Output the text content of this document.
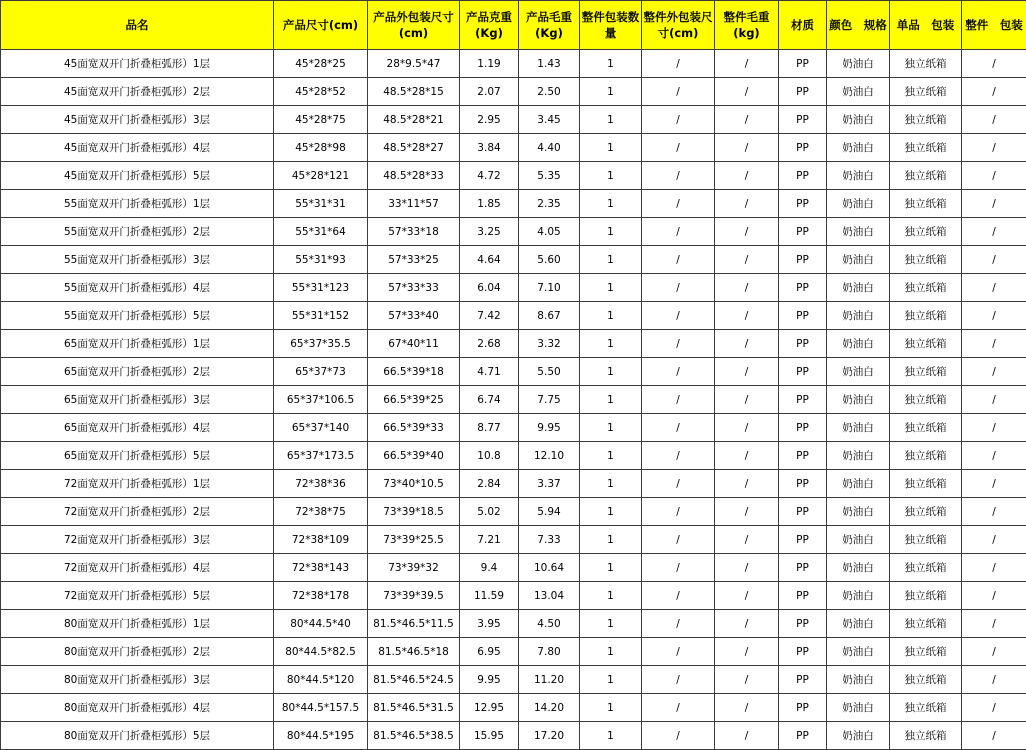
品名	产品尺寸(cm)	产品外包装尺寸(cm)	产品克重(Kg)	产品毛重(Kg)	整件包装数量	整件外包装尺寸(cm)	整件毛重(kg)	材质	颜色　规格	单品　包装	整件　包装
45面宽双开门折叠柜弧形）1层	45*28*25	28*9.5*47	1.19	1.43	1	/	/	PP	奶油白	独立纸箱	/
45面宽双开门折叠柜弧形）2层	45*28*52	48.5*28*15	2.07	2.50	1	/	/	PP	奶油白	独立纸箱	/
45面宽双开门折叠柜弧形）3层	45*28*75	48.5*28*21	2.95	3.45	1	/	/	PP	奶油白	独立纸箱	/
45面宽双开门折叠柜弧形）4层	45*28*98	48.5*28*27	3.84	4.40	1	/	/	PP	奶油白	独立纸箱	/
45面宽双开门折叠柜弧形）5层	45*28*121	48.5*28*33	4.72	5.35	1	/	/	PP	奶油白	独立纸箱	/
55面宽双开门折叠柜弧形）1层	55*31*31	33*11*57	1.85	2.35	1	/	/	PP	奶油白	独立纸箱	/
55面宽双开门折叠柜弧形）2层	55*31*64	57*33*18	3.25	4.05	1	/	/	PP	奶油白	独立纸箱	/
55面宽双开门折叠柜弧形）3层	55*31*93	57*33*25	4.64	5.60	1	/	/	PP	奶油白	独立纸箱	/
55面宽双开门折叠柜弧形）4层	55*31*123	57*33*33	6.04	7.10	1	/	/	PP	奶油白	独立纸箱	/
55面宽双开门折叠柜弧形）5层	55*31*152	57*33*40	7.42	8.67	1	/	/	PP	奶油白	独立纸箱	/
65面宽双开门折叠柜弧形）1层	65*37*35.5	67*40*11	2.68	3.32	1	/	/	PP	奶油白	独立纸箱	/
65面宽双开门折叠柜弧形）2层	65*37*73	66.5*39*18	4.71	5.50	1	/	/	PP	奶油白	独立纸箱	/
65面宽双开门折叠柜弧形）3层	65*37*106.5	66.5*39*25	6.74	7.75	1	/	/	PP	奶油白	独立纸箱	/
65面宽双开门折叠柜弧形）4层	65*37*140	66.5*39*33	8.77	9.95	1	/	/	PP	奶油白	独立纸箱	/
65面宽双开门折叠柜弧形）5层	65*37*173.5	66.5*39*40	10.8	12.10	1	/	/	PP	奶油白	独立纸箱	/
72面宽双开门折叠柜弧形）1层	72*38*36	73*40*10.5	2.84	3.37	1	/	/	PP	奶油白	独立纸箱	/
72面宽双开门折叠柜弧形）2层	72*38*75	73*39*18.5	5.02	5.94	1	/	/	PP	奶油白	独立纸箱	/
72面宽双开门折叠柜弧形）3层	72*38*109	73*39*25.5	7.21	7.33	1	/	/	PP	奶油白	独立纸箱	/
72面宽双开门折叠柜弧形）4层	72*38*143	73*39*32	9.4	10.64	1	/	/	PP	奶油白	独立纸箱	/
72面宽双开门折叠柜弧形）5层	72*38*178	73*39*39.5	11.59	13.04	1	/	/	PP	奶油白	独立纸箱	/
80面宽双开门折叠柜弧形）1层	80*44.5*40	81.5*46.5*11.5	3.95	4.50	1	/	/	PP	奶油白	独立纸箱	/
80面宽双开门折叠柜弧形）2层	80*44.5*82.5	81.5*46.5*18	6.95	7.80	1	/	/	PP	奶油白	独立纸箱	/
80面宽双开门折叠柜弧形）3层	80*44.5*120	81.5*46.5*24.5	9.95	11.20	1	/	/	PP	奶油白	独立纸箱	/
80面宽双开门折叠柜弧形）4层	80*44.5*157.5	81.5*46.5*31.5	12.95	14.20	1	/	/	PP	奶油白	独立纸箱	/
80面宽双开门折叠柜弧形）5层	80*44.5*195	81.5*46.5*38.5	15.95	17.20	1	/	/	PP	奶油白	独立纸箱	/
